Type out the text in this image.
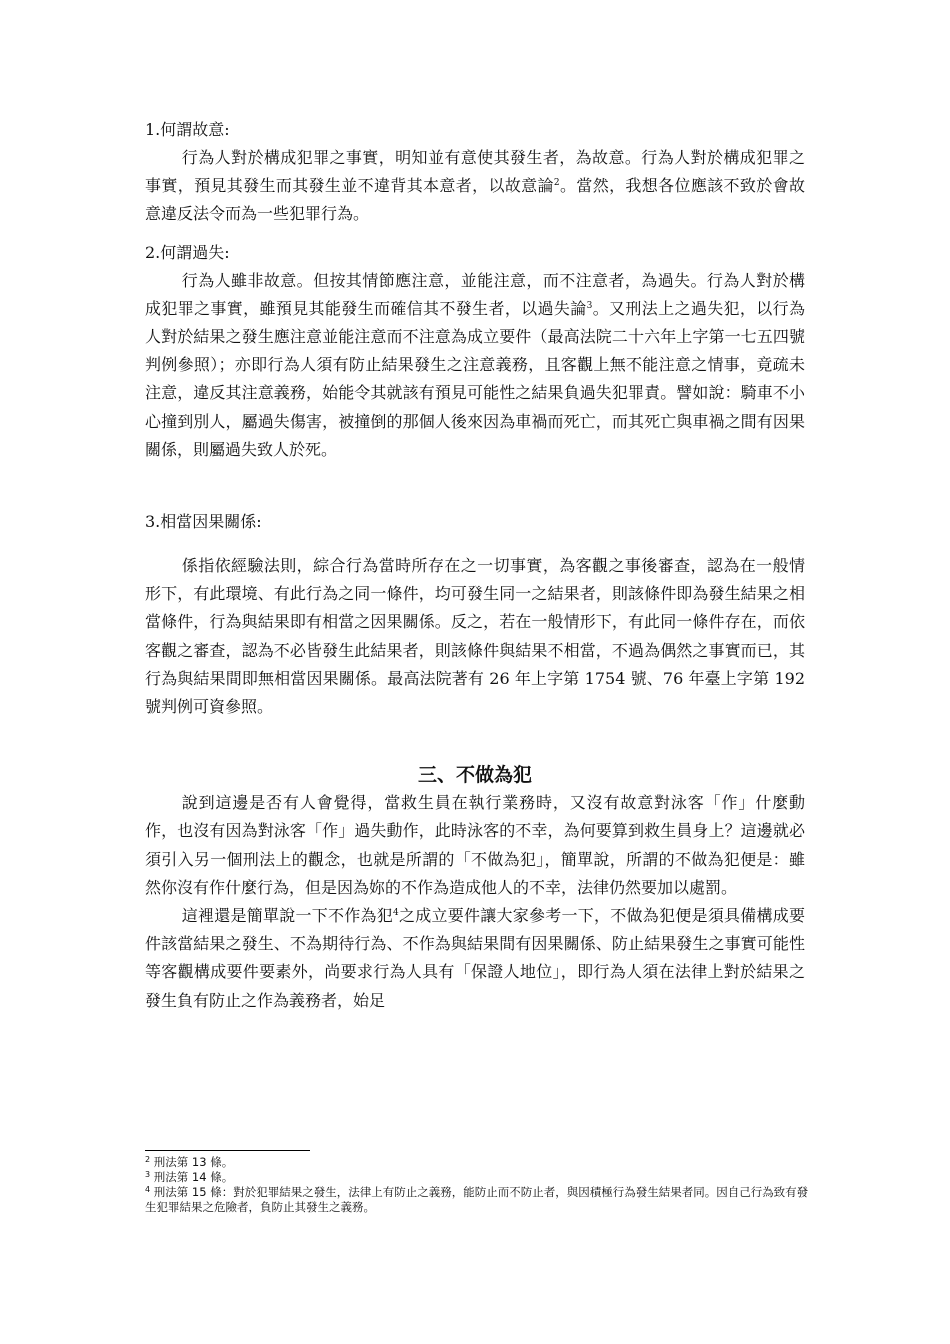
1.何謂故意:

行為人對於構成犯罪之事實，明知並有意使其發生者，為故意。行為人對於構成犯罪之事實，預見其發生而其發生並不違背其本意者，以故意論$^2$。當然，我想各位應該不致於會故意違反法令而為一些犯罪行為。

2.何謂過失:

行為人雖非故意。但按其情節應注意，並能注意，而不注意者，為過失。行為人對於構成犯罪之事實，雖預見其能發生而確信其不發生者，以過失論$^3$。又刑法上之過失犯，以行為人對於結果之發生應注意並能注意而不注意為成立要件（最高法院二十六年上字第一七五四號判例參照）；亦即行為人須有防止結果發生之注意義務，且客觀上無不能注意之情事，竟疏未注意，違反其注意義務，始能令其就該有預見可能性之結果負過失犯罪責。譬如說：騎車不小心撞到別人，屬過失傷害，被撞倒的那個人後來因為車禍而死亡，而其死亡與車禍之間有因果關係，則屬過失致人於死。

3.相當因果關係:

係指依經驗法則，綜合行為當時所存在之一切事實，為客觀之事後審查，認為在一般情形下，有此環境、有此行為之同一條件，均可發生同一之結果者，則該條件即為發生結果之相當條件，行為與結果即有相當之因果關係。反之，若在一般情形下，有此同一條件存在，而依客觀之審查，認為不必皆發生此結果者，則該條件與結果不相當，不過為偶然之事實而已，其行為與結果間即無相當因果關係。最高法院著有 26 年上字第 1754 號、76 年臺上字第 192 號判例可資參照。

三、不做為犯

說到這邊是否有人會覺得，當救生員在執行業務時，又沒有故意對泳客「作」什麼動作，也沒有因為對泳客「作」過失動作，此時泳客的不幸，為何要算到救生員身上？這邊就必須引入另一個刑法上的觀念，也就是所謂的「不做為犯」，簡單說，所謂的不做為犯便是：雖然你沒有作什麼行為，但是因為妳的不作為造成他人的不幸，法律仍然要加以處罰。

這裡還是簡單說一下不作為犯$^4$之成立要件讓大家參考一下，不做為犯便是須具備構成要件該當結果之發生、不為期待行為、不作為與結果間有因果關係、防止結果發生之事實可能性等客觀構成要件要素外，尚要求行為人具有「保證人地位」，即行為人須在法律上對於結果之發生負有防止之作為義務者，始足

$^2$ 刑法第 13 條。

$^3$ 刑法第 14 條。

$^4$ 刑法第 15 條：對於犯罪結果之發生，法律上有防止之義務，能防止而不防止者，與因積極行為發生結果者同。因自己行為致有發生犯罪結果之危險者，負防止其發生之義務。
